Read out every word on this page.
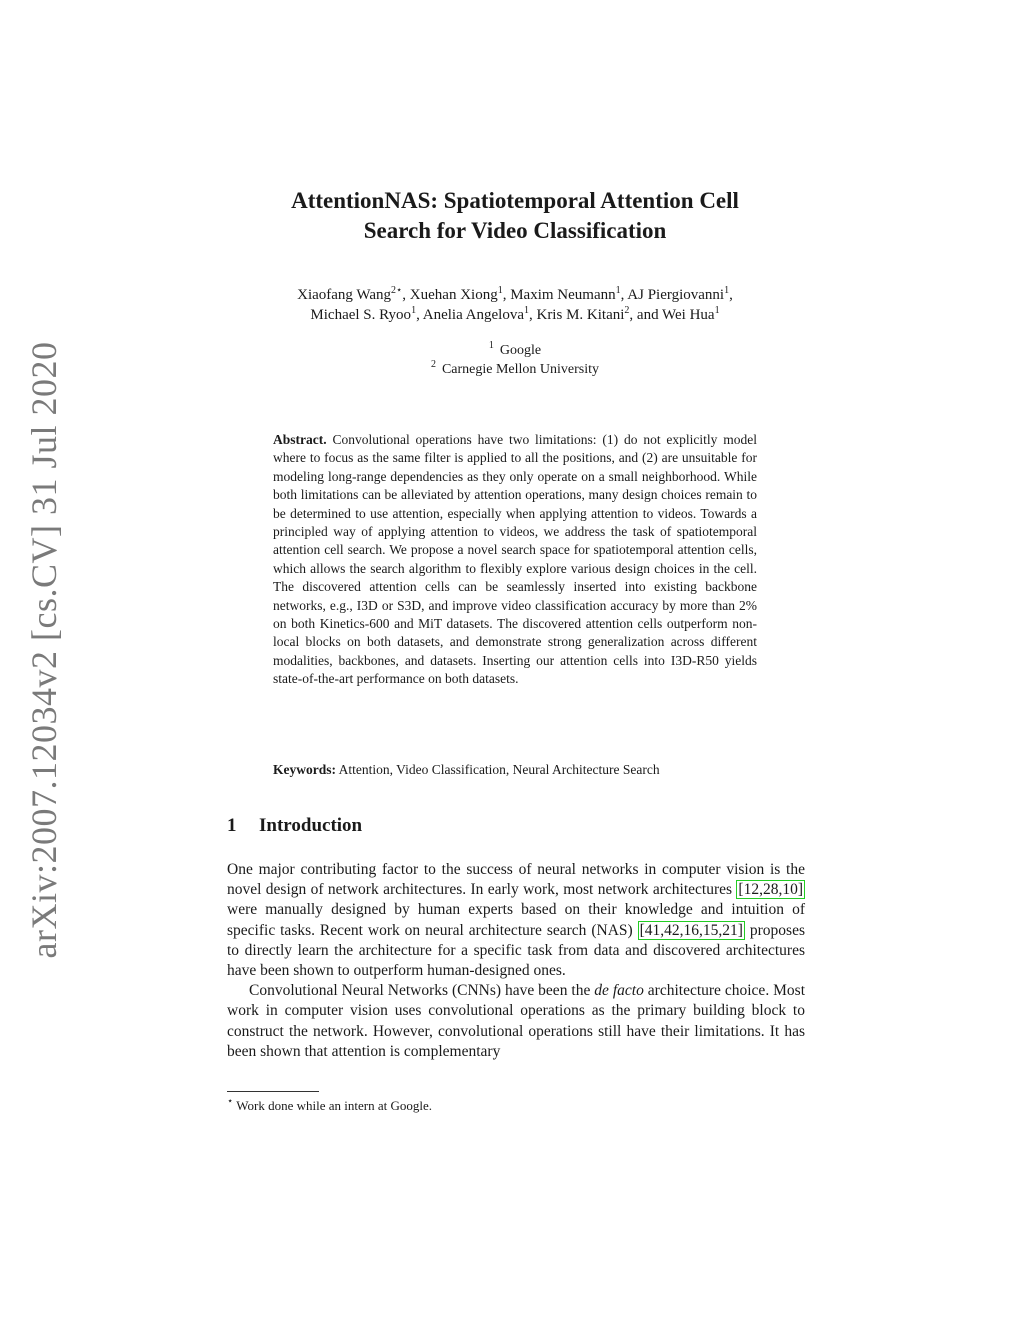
arXiv:2007.12034v2 [cs.CV] 31 Jul 2020
AttentionNAS: Spatiotemporal Attention Cell
Search for Video Classification
Xiaofang Wang$^{2⋆}$, Xuehan Xiong$^1$, Maxim Neumann$^1$, AJ Piergiovanni$^1$,
Michael S. Ryoo$^1$, Anelia Angelova$^1$, Kris M. Kitani$^2$, and Wei Hua$^1$
$^1$ Google
$^2$ Carnegie Mellon University
Abstract. Convolutional operations have two limitations: (1) do not explicitly model where to focus as the same filter is applied to all the positions, and (2) are unsuitable for modeling long-range dependencies as they only operate on a small neighborhood. While both limitations can be alleviated by attention operations, many design choices remain to be determined to use attention, especially when applying attention to videos. Towards a principled way of applying attention to videos, we address the task of spatiotemporal attention cell search. We propose a novel search space for spatiotemporal attention cells, which allows the search algorithm to flexibly explore various design choices in the cell. The discovered attention cells can be seamlessly inserted into existing backbone networks, e.g., I3D or S3D, and improve video classification accuracy by more than 2% on both Kinetics-600 and MiT datasets. The discovered attention cells outperform non-local blocks on both datasets, and demonstrate strong generalization across different modalities, backbones, and datasets. Inserting our attention cells into I3D-R50 yields state-of-the-art performance on both datasets.
Keywords: Attention, Video Classification, Neural Architecture Search
1 Introduction

One major contributing factor to the success of neural networks in computer vision is the novel design of network architectures. In early work, most network architectures [12,28,10] were manually designed by human experts based on their knowledge and intuition of specific tasks. Recent work on neural architecture search (NAS) [41,42,16,15,21] proposes to directly learn the architecture for a specific task from data and discovered architectures have been shown to outperform human-designed ones.

Convolutional Neural Networks (CNNs) have been the de facto architecture choice. Most work in computer vision uses convolutional operations as the primary building block to construct the network. However, convolutional operations still have their limitations. It has been shown that attention is complementary

⋆ Work done while an intern at Google.
